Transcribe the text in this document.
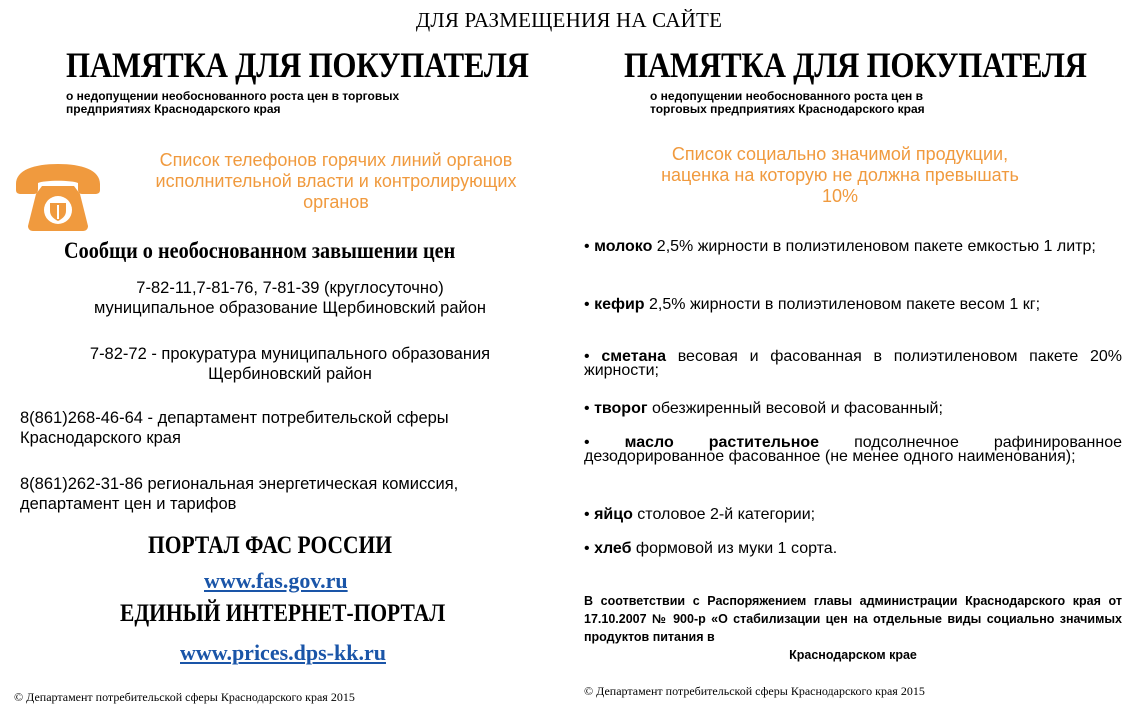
ДЛЯ РАЗМЕЩЕНИЯ НА САЙТЕ
ПАМЯТКА ДЛЯ ПОКУПАТЕЛЯ
о недопущении необоснованного роста цен в торговых
предприятиях Краснодарского края
Список телефонов горячих линий органов
исполнительной власти и контролирующих
органов
Сообщи о необоснованном завышении цен
7-82-11,7-81-76, 7-81-39 (круглосуточно)
муниципальное образование Щербиновский район
7-82-72 - прокуратура муниципального образования
Щербиновский район
8(861)268-46-64 - департамент потребительской сферы
Краснодарского края
8(861)262-31-86 региональная энергетическая комиссия,
департамент цен и тарифов
ПОРТАЛ ФАС РОССИИ
www.fas.gov.ru
ЕДИНЫЙ ИНТЕРНЕТ-ПОРТАЛ
www.prices.dps-kk.ru
© Департамент потребительской сферы Краснодарского края 2015
ПАМЯТКА ДЛЯ ПОКУПАТЕЛЯ
о недопущении необоснованного роста цен в
торговых предприятиях Краснодарского края
Список социально значимой продукции,
наценка на которую не должна превышать
10%
• молоко 2,5% жирности в полиэтиленовом пакете емкостью 1 литр;
• кефир 2,5% жирности в полиэтиленовом пакете весом 1 кг;
• сметана весовая и фасованная в полиэтиленовом пакете 20% жирности;
• творог обезжиренный весовой и фасованный;
• масло растительное подсолнечное рафинированное дезодорированное фасованное (не менее одного наименования);
• яйцо столовое 2-й категории;
• хлеб формовой из муки 1 сорта.
В соответствии с Распоряжением главы администрации Краснодарского края от 17.10.2007 № 900-р «О стабилизации цен на отдельные виды социально значимых продуктов питания в
Краснодарском крае
© Департамент потребительской сферы Краснодарского края 2015
